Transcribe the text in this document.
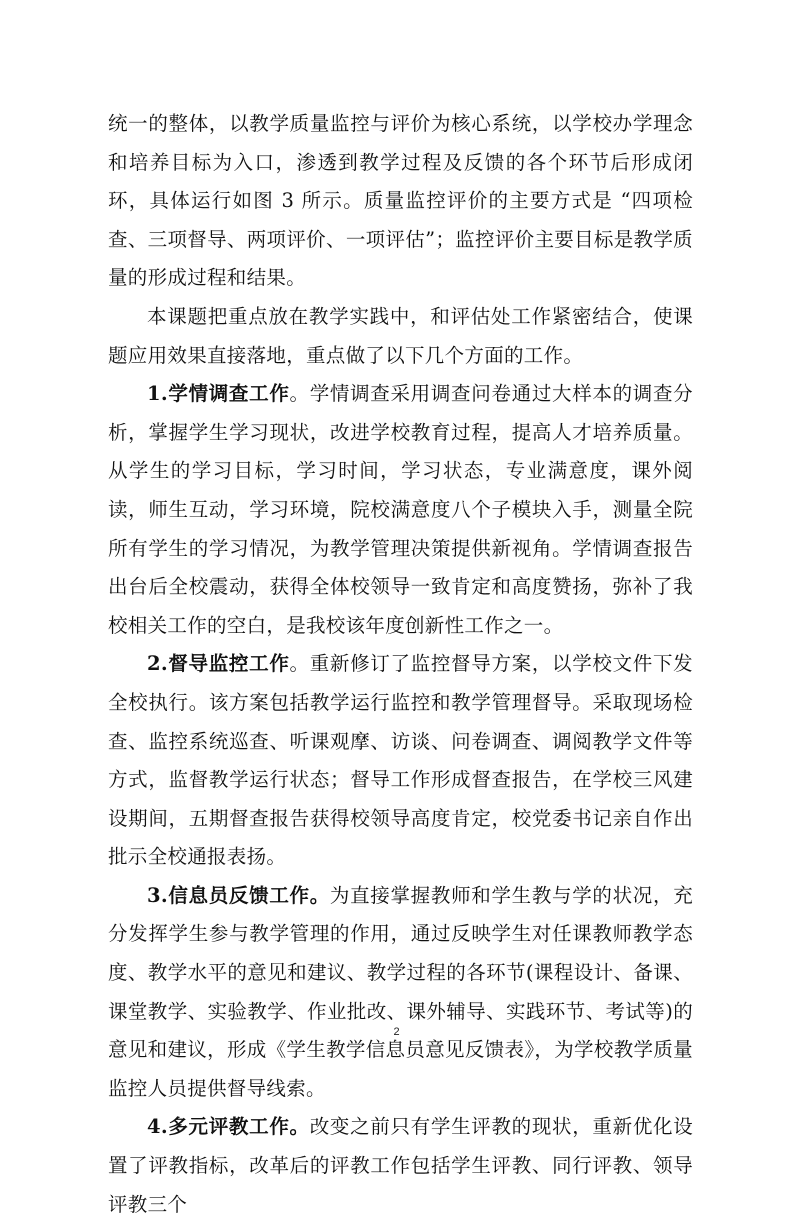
统一的整体，以教学质量监控与评价为核心系统，以学校办学理念和培养目标为入口，渗透到教学过程及反馈的各个环节后形成闭环，具体运行如图 3 所示。质量监控评价的主要方式是 “四项检查、三项督导、两项评价、一项评估”；监控评价主要目标是教学质量的形成过程和结果。

本课题把重点放在教学实践中，和评估处工作紧密结合，使课题应用效果直接落地，重点做了以下几个方面的工作。

1.学情调查工作。学情调查采用调查问卷通过大样本的调查分析，掌握学生学习现状，改进学校教育过程，提高人才培养质量。从学生的学习目标，学习时间，学习状态，专业满意度，课外阅读，师生互动，学习环境，院校满意度八个子模块入手，测量全院所有学生的学习情况，为教学管理决策提供新视角。学情调查报告出台后全校震动，获得全体校领导一致肯定和高度赞扬，弥补了我校相关工作的空白，是我校该年度创新性工作之一。

2.督导监控工作。重新修订了监控督导方案，以学校文件下发全校执行。该方案包括教学运行监控和教学管理督导。采取现场检查、监控系统巡查、听课观摩、访谈、问卷调查、调阅教学文件等方式，监督教学运行状态；督导工作形成督查报告，在学校三风建设期间，五期督查报告获得校领导高度肯定，校党委书记亲自作出批示全校通报表扬。

3.信息员反馈工作。为直接掌握教师和学生教与学的状况，充分发挥学生参与教学管理的作用，通过反映学生对任课教师教学态度、教学水平的意见和建议、教学过程的各环节(课程设计、备课、课堂教学、实验教学、作业批改、课外辅导、实践环节、考试等)的意见和建议，形成《学生教学信息员意见反馈表》，为学校教学质量监控人员提供督导线索。

4.多元评教工作。改变之前只有学生评教的现状，重新优化设置了评教指标，改革后的评教工作包括学生评教、同行评教、领导评教三个

2
